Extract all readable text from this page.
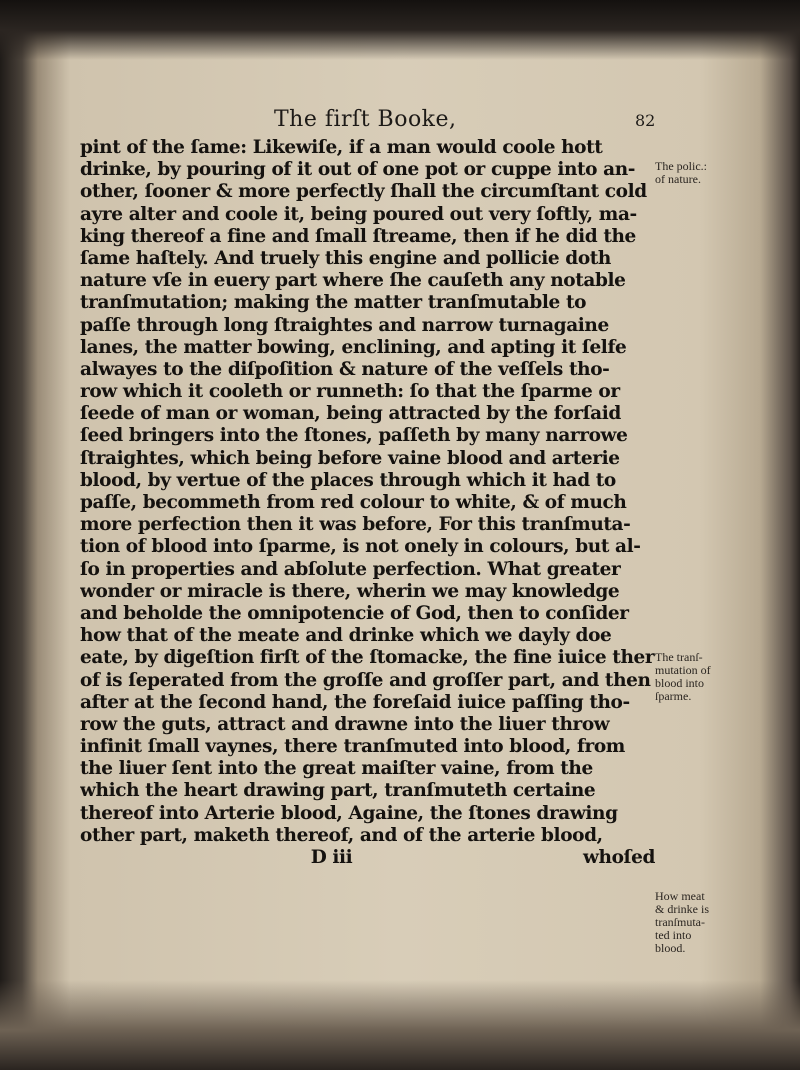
The firſt Booke,	82
pint of the ſame: Likewiſe, if a man would coole hott
drinke, by pouring of it out of one pot or cuppe into an-
other, ſooner & more perfectly ſhall the circumſtant cold
ayre alter and coole it, being poured out very ſoftly, ma-
king thereof a fine and ſmall ſtreame, then if he did the
ſame haſtely. And truely this engine and pollicie doth
nature vſe in euery part where ſhe cauſeth any notable
tranſmutation; making the matter tranſmutable to
paſſe through long ſtraightes and narrow turnagaine
lanes, the matter bowing, enclining, and apting it ſelfe
alwayes to the diſpoſition & nature of the veſſels tho-
row which it cooleth or runneth: ſo that the ſparme or
ſeede of man or woman, being attracted by the forſaid
ſeed bringers into the ſtones, paſſeth by many narrowe
ſtraightes, which being before vaine blood and arterie
blood, by vertue of the places through which it had to
paſſe, becommeth from red colour to white, & of much
more perfection then it was before, For this tranſmuta-
tion of blood into ſparme, is not onely in colours, but al-
ſo in properties and abſolute perfection. What greater
wonder or miracle is there, wherin we may knowledge
and beholde the omnipotencie of God, then to conſider
how that of the meate and drinke which we dayly doe
eate, by digeſtion firſt of the ſtomacke, the fine iuice ther
of is ſeperated from the groſſe and groſſer part, and then
after at the ſecond hand, the foreſaid iuice paſſing tho-
row the guts, attract and drawne into the liuer throw
infinit ſmall vaynes, there tranſmuted into blood, from
the liuer ſent into the great maiſter vaine, from the
which the heart drawing part, tranſmuteth certaine
thereof into Arterie blood, Againe, the ſtones drawing
other part, maketh thereof, and of the arterie blood,
D iii	whoſed
The polic.:
of nature.
The tranſ-
mutation of
blood into
ſparme.
How meat
& drinke is
tranſmuta-
ted into
blood.
